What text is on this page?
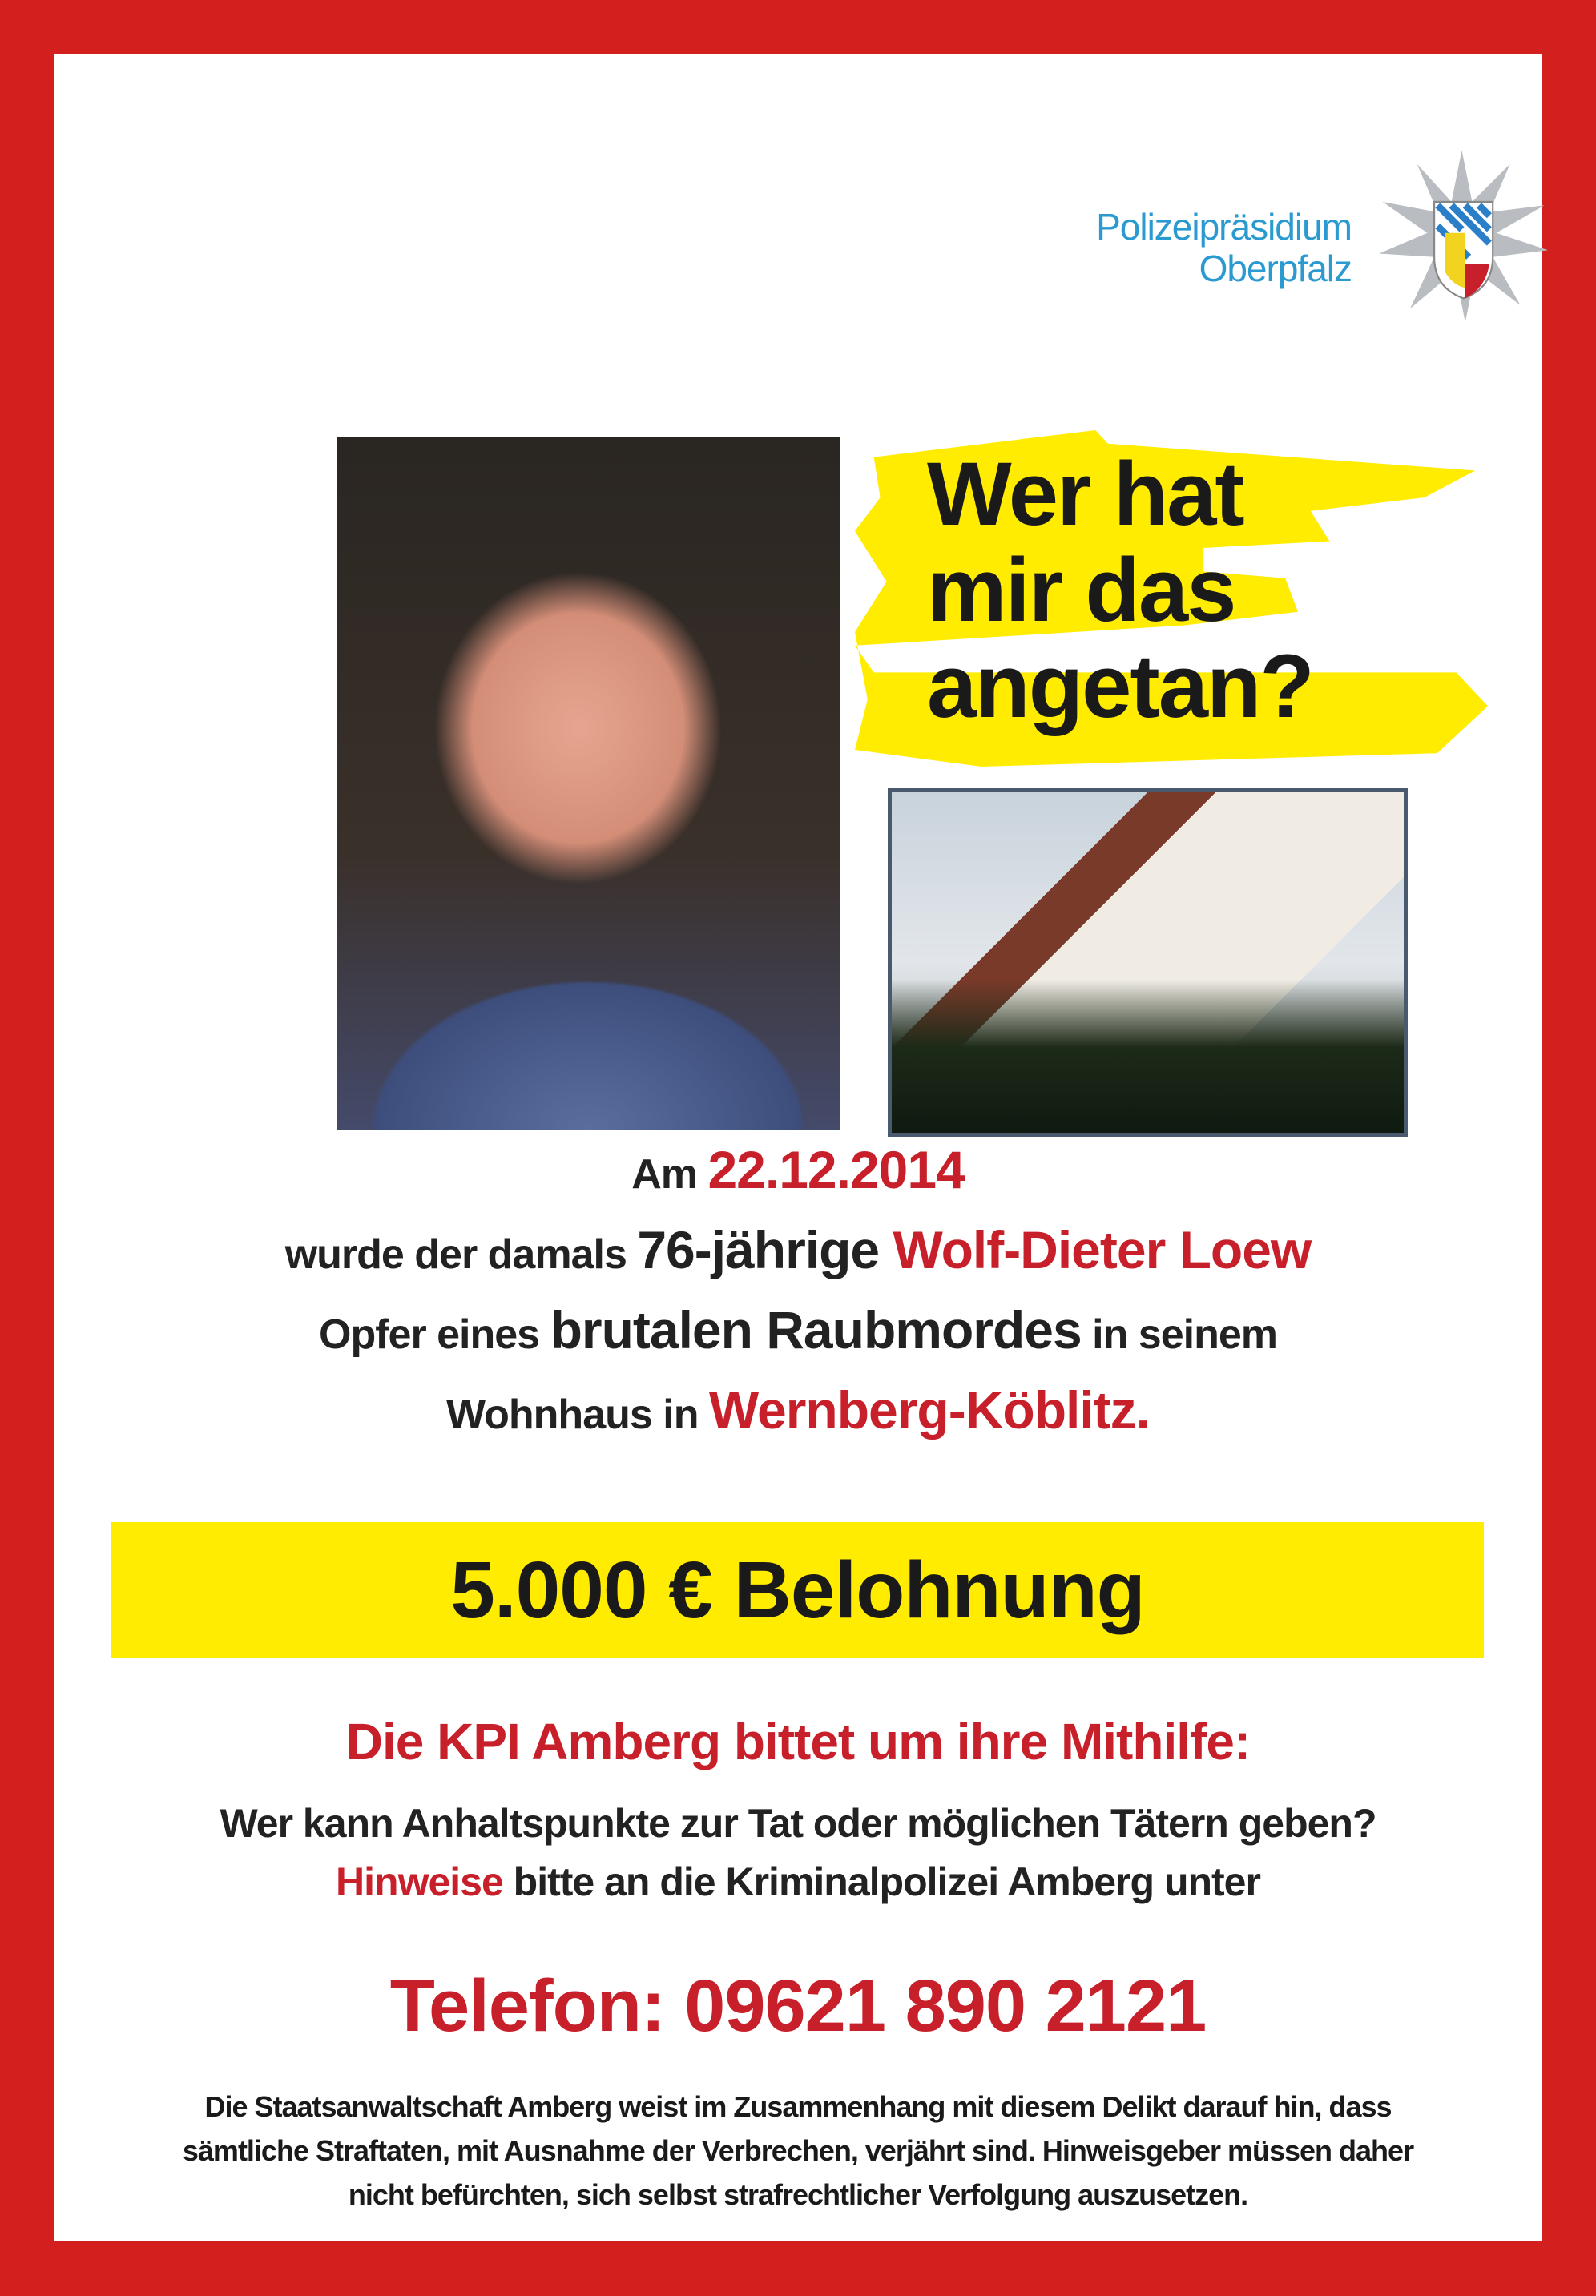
Polizeipräsidium
Oberpfalz
Wer hat
mir das
angetan?
Am 22.12.2014
wurde der damals 76-jährige Wolf-Dieter Loew
Opfer eines brutalen Raubmordes in seinem
Wohnhaus in Wernberg-Köblitz.
5.000 € Belohnung
Die KPI Amberg bittet um ihre Mithilfe:
Wer kann Anhaltspunkte zur Tat oder möglichen Tätern geben?
Hinweise bitte an die Kriminalpolizei Amberg unter
Telefon: 09621 890 2121
Die Staatsanwaltschaft Amberg weist im Zusammenhang mit diesem Delikt darauf hin, dass
sämtliche Straftaten, mit Ausnahme der Verbrechen, verjährt sind. Hinweisgeber müssen daher
nicht befürchten, sich selbst strafrechtlicher Verfolgung auszusetzen.
